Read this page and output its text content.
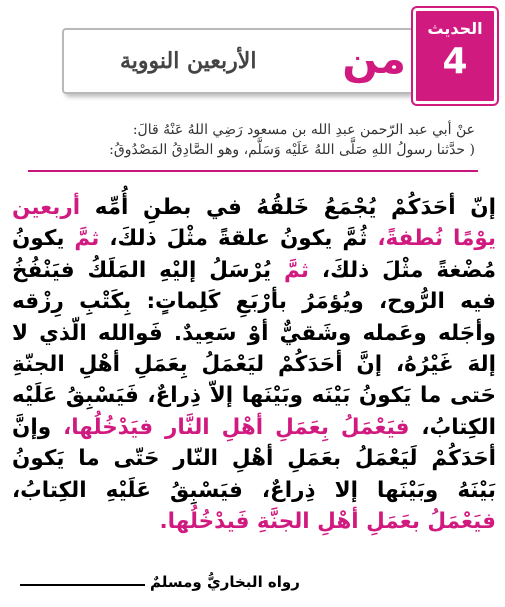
من
الأربعين النووية
الحديث
4
عنْ أبي عبد الرّحمن عبدِ الله بن مسعود رَضِي اللهُ عَنْهُ قالَ:
( حدَّثنا رسولُ اللهِ صَلَّى اللهُ عَلَيْه وَسَلَّم، وهو الصَّادِقُ المَصْدُوقُ:
إنّ أحَدَكُمْ يُجْمَعُ خَلقُهُ في بطنِ أُمِّه أربعين يوْمًا نُطفةً، ثُمَّ يكونُ علقةً مثْلَ ذلكَ، ثمَّ يكونُ مُضْغةً مثْلَ ذلكَ، ثمَّ يُرْسَلُ إليْهِ المَلَكُ فيَنْفُخُ فيه الرُّوح، ويُؤمَرُ بأرْبَعِ كَلِماتٍ: بِكَتْبِ رِزْقه وأجَله وعَمله وشَقيٌّ أوْ سَعِيدٌ. فَوالله الّذي لا إلهَ غَيْرُهُ، إنَّ أحَدَكُمْ ليَعْمَلُ بِعَمَلِ أهْلِ الجنّةِ حَتى ما يَكونُ بَيْنَه وبَيْنَها إلاّ ذِراعٌ، فَيَسْبِقُ عَلَيْه الكِتابُ، فيَعْمَلُ بِعَمَلِ أهْلِ النَّار فيَدْخُلُها، وإنَّ أحَدَكُمْ لَيَعْمَلُ بعَمَلِ أهْلِ النّار حَتّى ما يَكونُ بَيْنَهُ وبَيْنَها إلا ذِراعٌ، فيَسْبِقُ عَلَيْهِ الكِتابُ، فيَعْمَلُ بعَمَلِ أهْلِ الجنَّةِ فَيدْخُلُها.
رواه البخاريُّ ومسلمٌ
